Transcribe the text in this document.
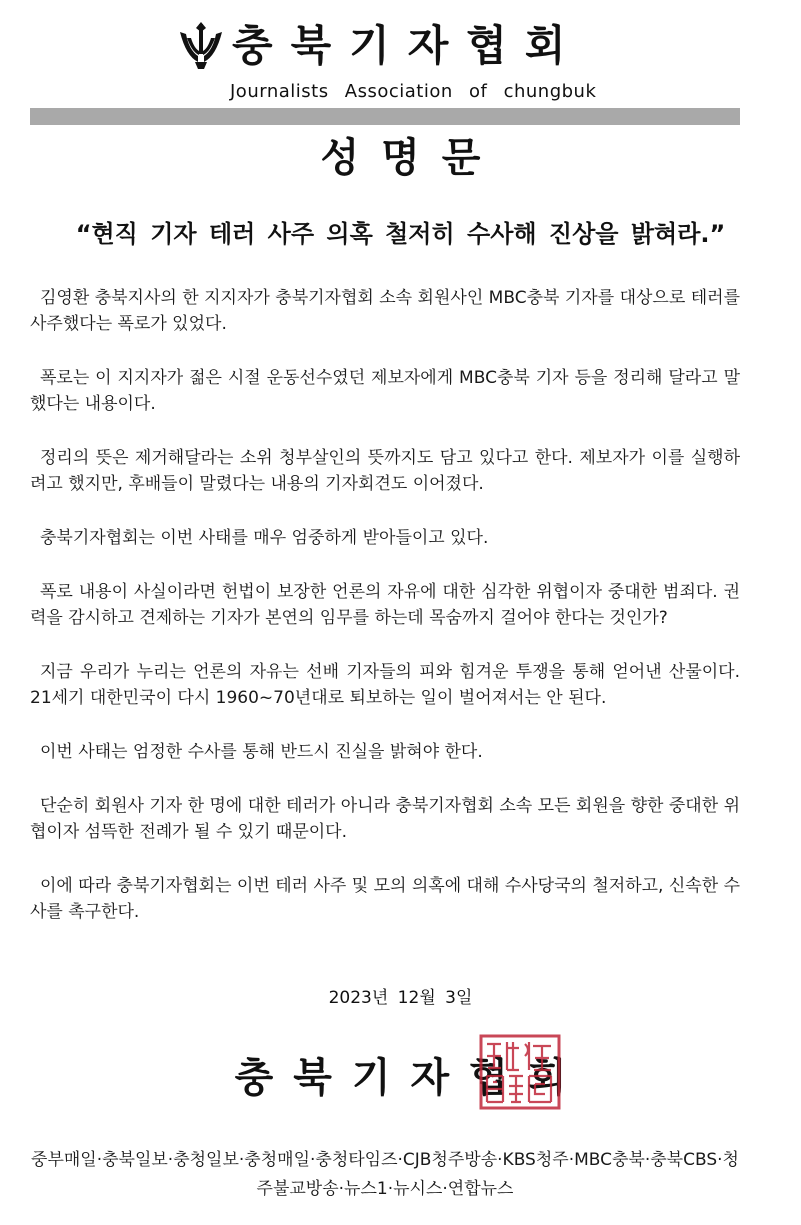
충북기자협회
Journalists Association of chungbuk
성명문
“현직 기자 테러 사주 의혹 철저히 수사해 진상을 밝혀라.”

김영환 충북지사의 한 지지자가 충북기자협회 소속 회원사인 MBC충북 기자를 대상으로 테러를 사주했다는 폭로가 있었다.

폭로는 이 지지자가 젊은 시절 운동선수였던 제보자에게 MBC충북 기자 등을 정리해 달라고 말했다는 내용이다.

정리의 뜻은 제거해달라는 소위 청부살인의 뜻까지도 담고 있다고 한다. 제보자가 이를 실행하려고 했지만, 후배들이 말렸다는 내용의 기자회견도 이어졌다.

충북기자협회는 이번 사태를 매우 엄중하게 받아들이고 있다.

폭로 내용이 사실이라면 헌법이 보장한 언론의 자유에 대한 심각한 위협이자 중대한 범죄다. 권력을 감시하고 견제하는 기자가 본연의 임무를 하는데 목숨까지 걸어야 한다는 것인가?

지금 우리가 누리는 언론의 자유는 선배 기자들의 피와 힘겨운 투쟁을 통해 얻어낸 산물이다. 21세기 대한민국이 다시 1960~70년대로 퇴보하는 일이 벌어져서는 안 된다.

이번 사태는 엄정한 수사를 통해 반드시 진실을 밝혀야 한다.

단순히 회원사 기자 한 명에 대한 테러가 아니라 충북기자협회 소속 모든 회원을 향한 중대한 위협이자 섬뜩한 전례가 될 수 있기 때문이다.

이에 따라 충북기자협회는 이번 테러 사주 및 모의 의혹에 대해 수사당국의 철저하고, 신속한 수사를 촉구한다.

2023년 12월 3일
충북기자협회
중부매일·충북일보·충청일보·충청매일·충청타임즈·CJB청주방송·KBS청주·MBC충북·충북CBS·청주불교방송·뉴스1·뉴시스·연합뉴스
